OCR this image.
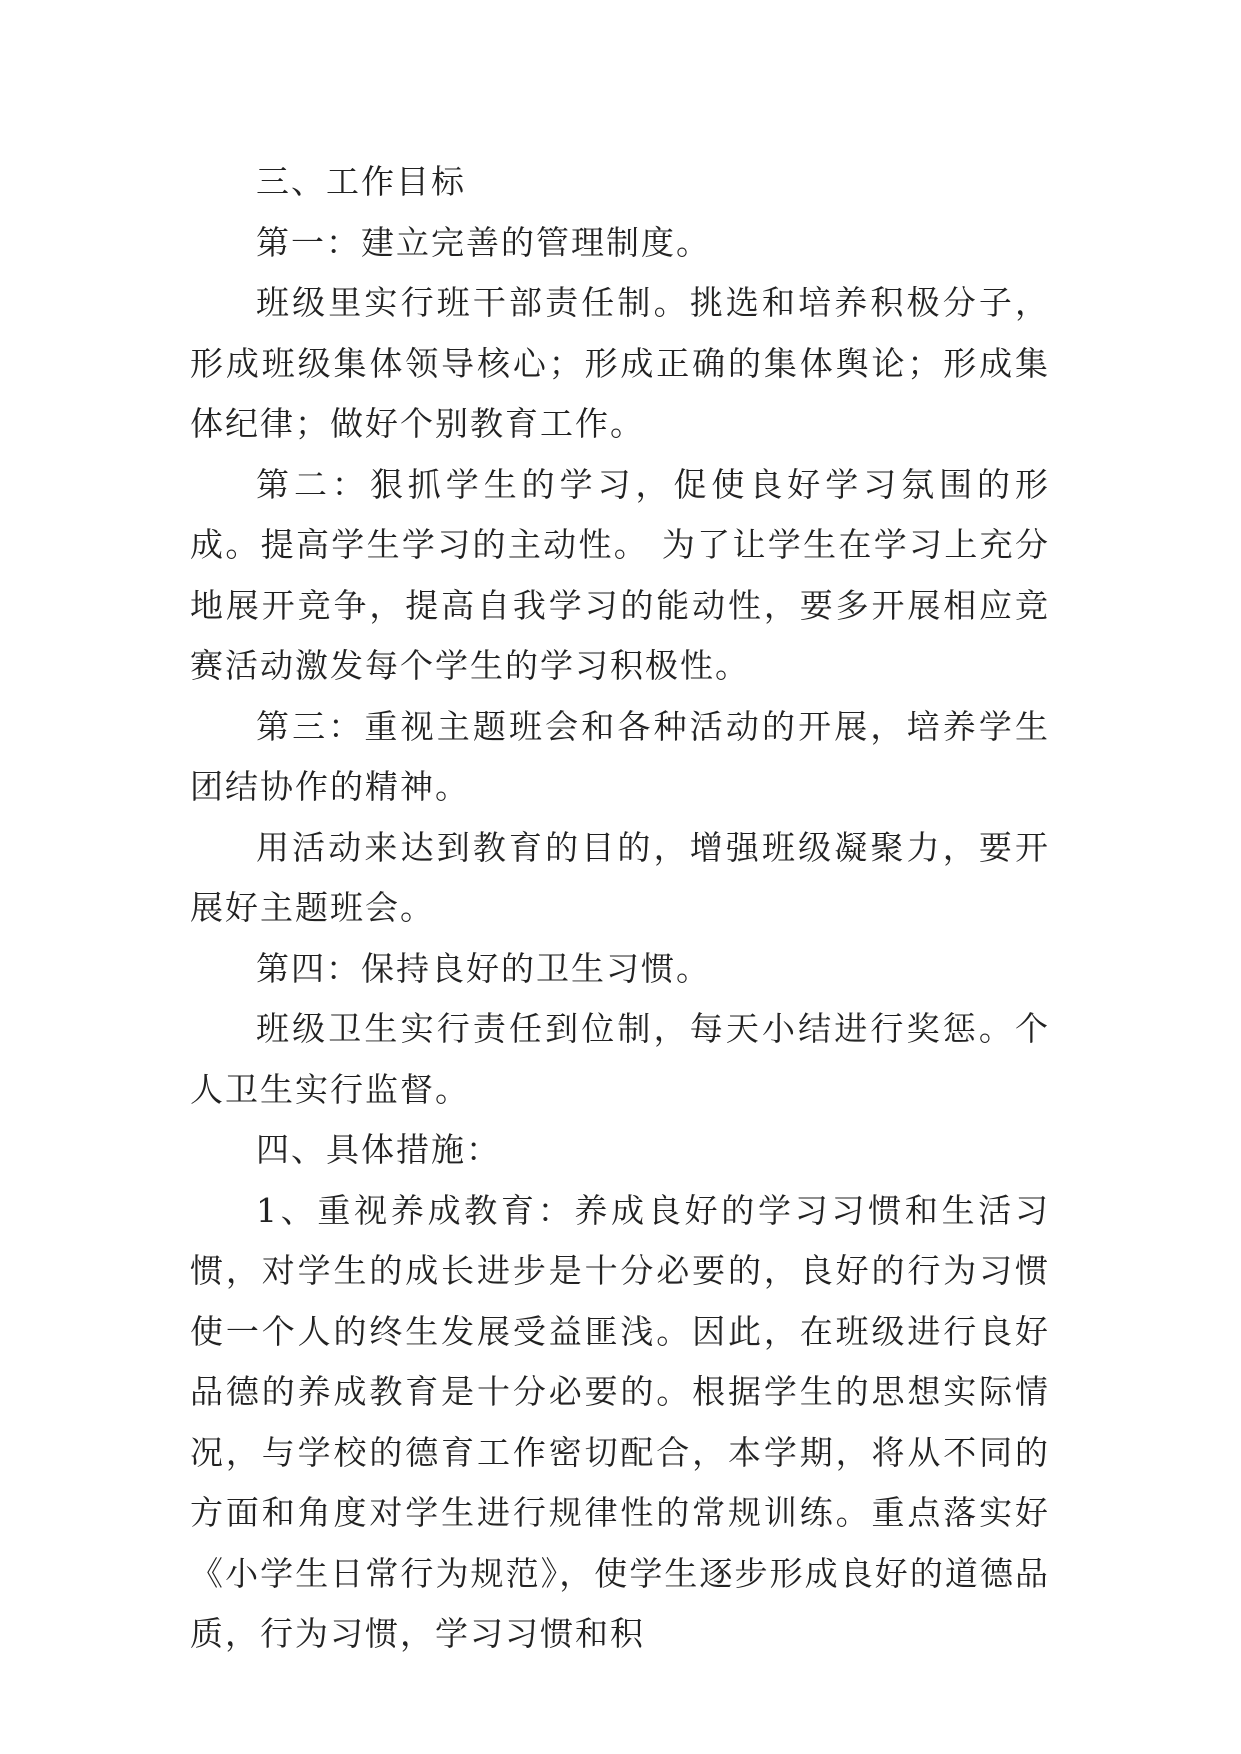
三、工作目标

第一：建立完善的管理制度。

班级里实行班干部责任制。挑选和培养积极分子，形成班级集体领导核心；形成正确的集体舆论；形成集体纪律；做好个别教育工作。

第二：狠抓学生的学习，促使良好学习氛围的形成。提高学生学习的主动性。 为了让学生在学习上充分地展开竞争，提高自我学习的能动性，要多开展相应竞赛活动激发每个学生的学习积极性。

第三：重视主题班会和各种活动的开展，培养学生团结协作的精神。

用活动来达到教育的目的，增强班级凝聚力，要开展好主题班会。

第四：保持良好的卫生习惯。

班级卫生实行责任到位制，每天小结进行奖惩。个人卫生实行监督。

四、具体措施：

1、重视养成教育：养成良好的学习习惯和生活习惯，对学生的成长进步是十分必要的，良好的行为习惯使一个人的终生发展受益匪浅。因此，在班级进行良好品德的养成教育是十分必要的。根据学生的思想实际情况，与学校的德育工作密切配合，本学期，将从不同的方面和角度对学生进行规律性的常规训练。重点落实好《小学生日常行为规范》，使学生逐步形成良好的道德品质，行为习惯，学习习惯和积
